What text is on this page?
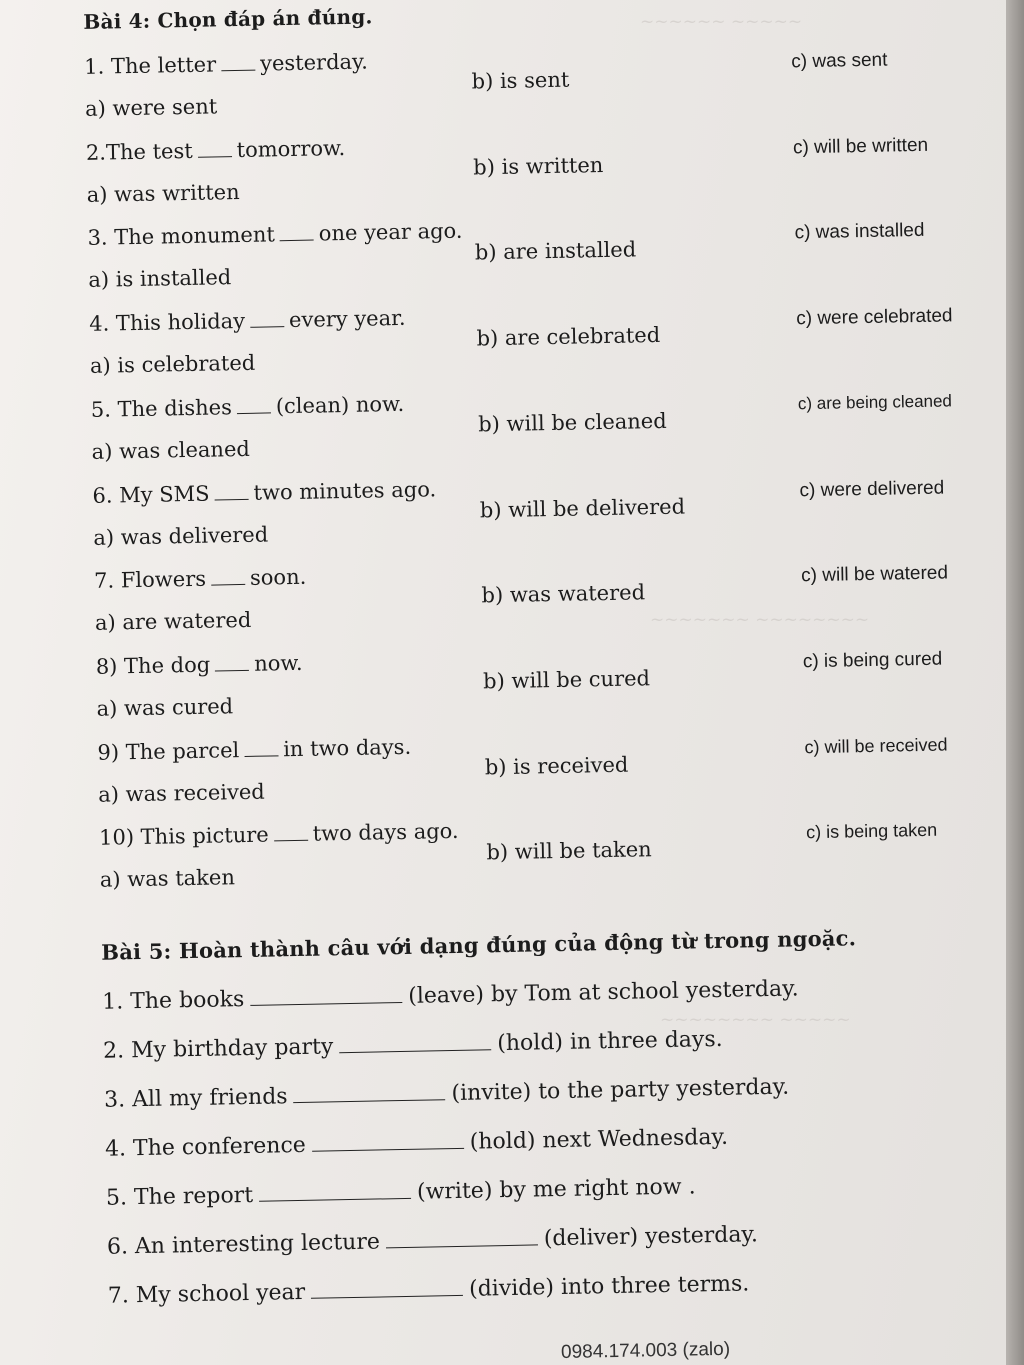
~~~~~~ ~~~~~
~~~~~~~ ~~~~~~~~
~~~~~~~~ ~~~~~
Bài 4: Chọn đáp án đúng.
1. The letter yesterday.
a) were sent
b) is sent
c) was sent
2.The test tomorrow.
a) was written
b) is written
c) will be written
3. The monument one year ago.
a) is installed
b) are installed
c) was installed
4. This holiday every year.
a) is celebrated
b) are celebrated
c) were celebrated
5. The dishes (clean) now.
a) was cleaned
b) will be cleaned
c) are being cleaned
6. My SMS two minutes ago.
a) was delivered
b) will be delivered
c) were delivered
7. Flowers soon.
a) are watered
b) was watered
c) will be watered
8) The dog now.
a) was cured
b) will be cured
c) is being cured
9) The parcel in two days.
a) was received
b) is received
c) will be received
10) This picture two days ago.
a) was taken
b) will be taken
c) is being taken
Bài 5: Hoàn thành câu với dạng đúng của động từ trong ngoặc.
1. The books	(leave) by Tom at school yesterday.
2. My birthday party	(hold) in three days.
3. All my friends	(invite) to the party yesterday.
4. The conference	(hold) next Wednesday.
5. The report	(write) by me right now .
6. An interesting lecture	(deliver) yesterday.
7. My school year	(divide) into three terms.
0984.174.003 (zalo)
